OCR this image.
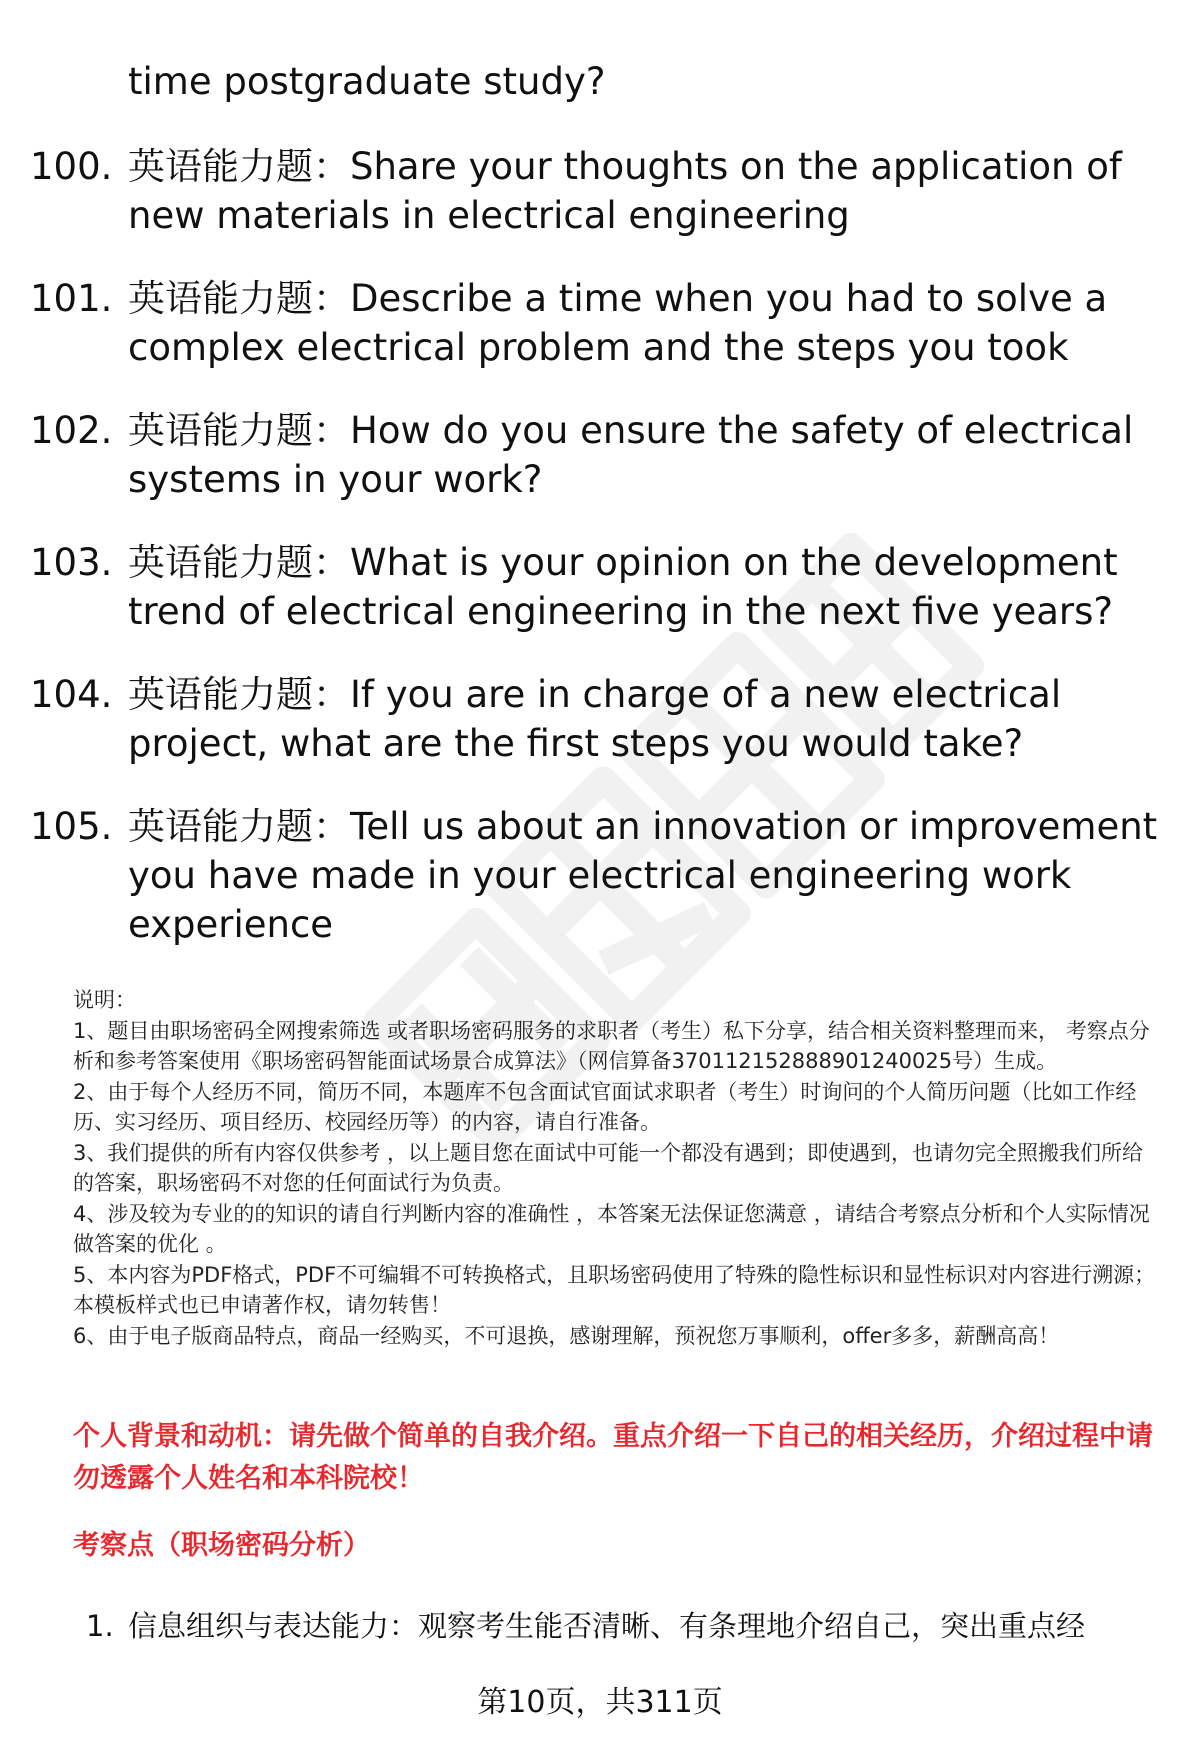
time postgraduate study?
100. 英语能力题：Share your thoughts on the application of new materials in electrical engineering
101. 英语能力题：Describe a time when you had to solve a complex electrical problem and the steps you took
102. 英语能力题：How do you ensure the safety of electrical systems in your work?
103. 英语能力题：What is your opinion on the development trend of electrical engineering in the next five years?
104. 英语能力题：If you are in charge of a new electrical project, what are the first steps you would take?
105. 英语能力题：Tell us about an innovation or improvement you have made in your electrical engineering work experience

说明：

1、题目由职场密码全网搜索筛选 或者职场密码服务的求职者（考生）私下分享，结合相关资料整理而来， 考察点分析和参考答案使用《职场密码智能面试场景合成算法》（网信算备370112152888901240025号）生成。

2、由于每个人经历不同，简历不同，本题库不包含面试官面试求职者（考生）时询问的个人简历问题（比如工作经历、实习经历、项目经历、校园经历等）的内容，请自行准备。

3、我们提供的所有内容仅供参考 ，以上题目您在面试中可能一个都没有遇到；即使遇到，也请勿完全照搬我们所给的答案，职场密码不对您的任何面试行为负责。

4、涉及较为专业的的知识的请自行判断内容的准确性 ，本答案无法保证您满意 ，请结合考察点分析和个人实际情况做答案的优化 。

5、本内容为PDF格式，PDF不可编辑不可转换格式，且职场密码使用了特殊的隐性标识和显性标识对内容进行溯源；本模板样式也已申请著作权，请勿转售！

6、由于电子版商品特点，商品一经购买，不可退换，感谢理解，预祝您万事顺利，offer多多，薪酬高高！

个人背景和动机：请先做个简单的自我介绍。重点介绍一下自己的相关经历，介绍过程中请勿透露个人姓名和本科院校！
考察点（职场密码分析）
1. 信息组织与表达能力：观察考生能否清晰、有条理地介绍自己，突出重点经
第10页，共311页
